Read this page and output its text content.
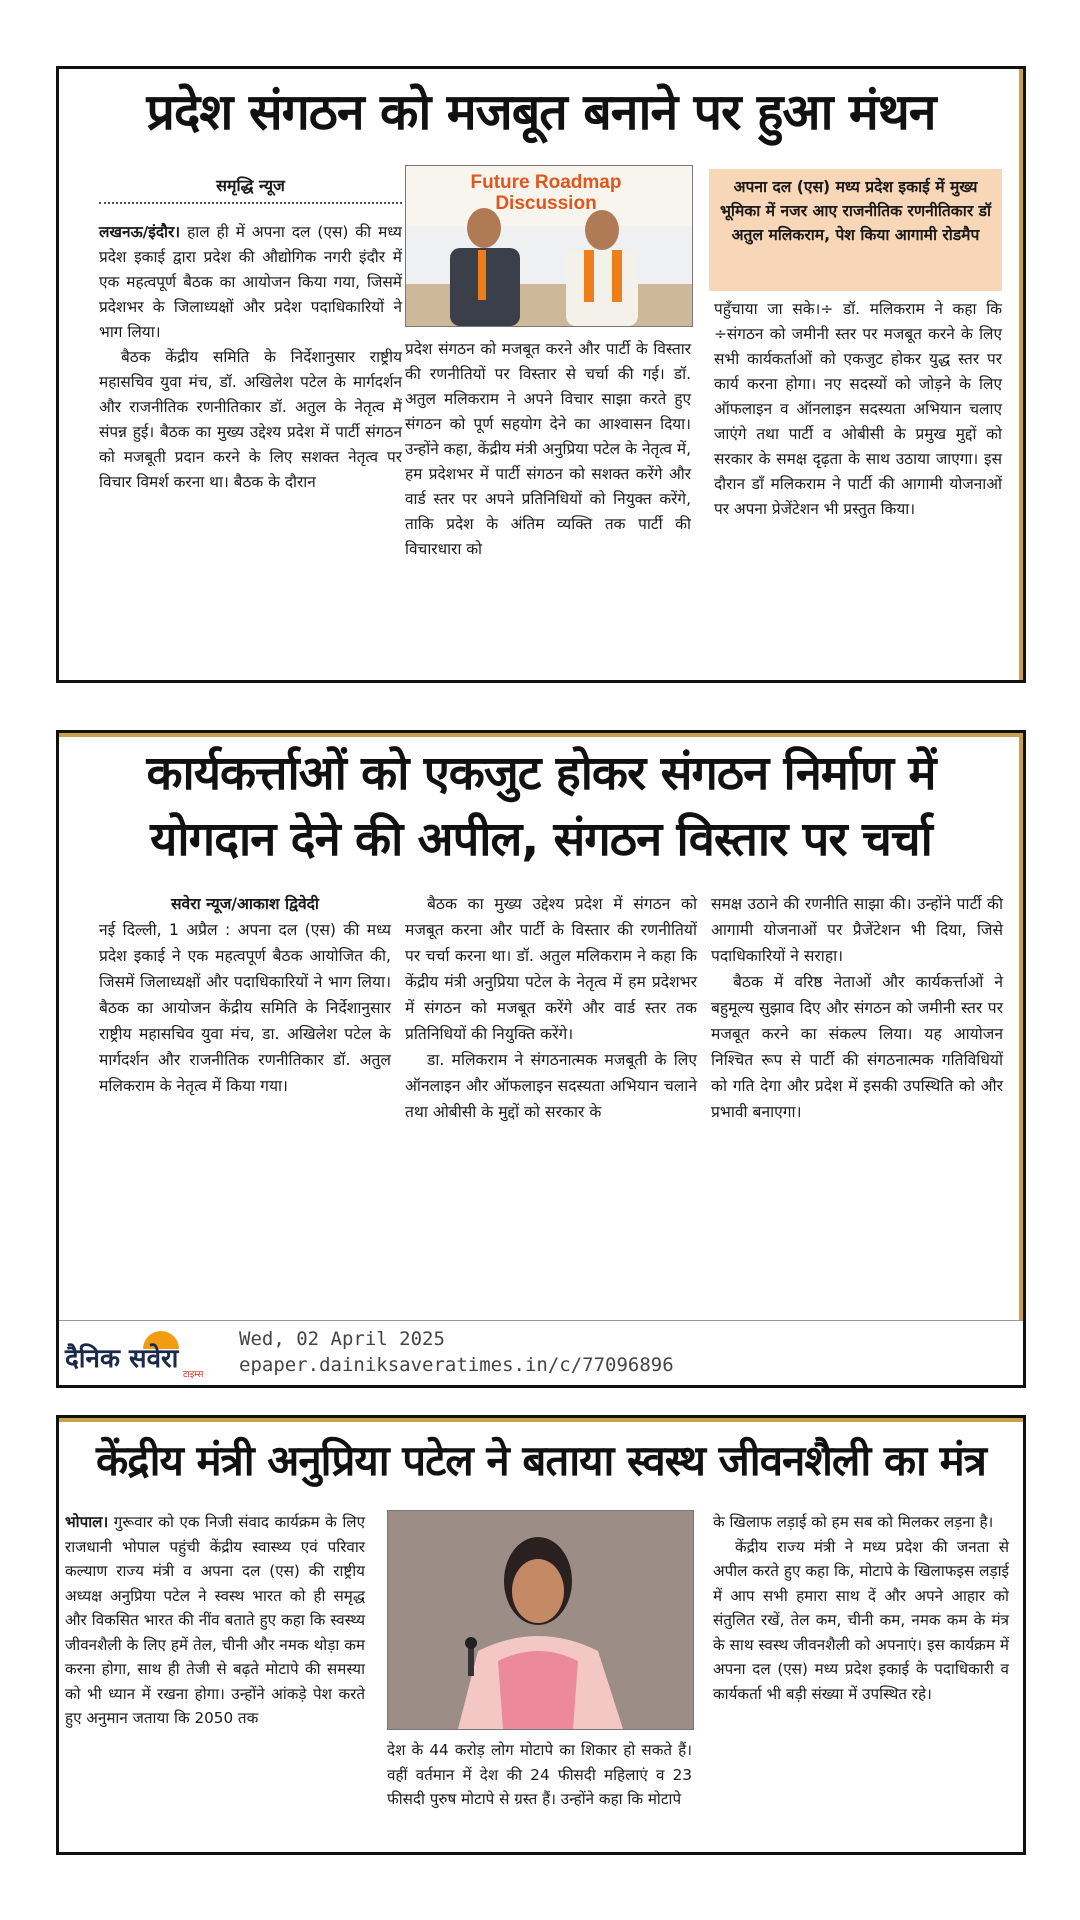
प्रदेश संगठन को मजबूत बनाने पर हुआ मंथन
समृद्धि न्यूज

लखनऊ/इंदौर। हाल ही में अपना दल (एस) की मध्य प्रदेश इकाई द्वारा प्रदेश की औद्योगिक नगरी इंदौर में एक महत्वपूर्ण बैठक का आयोजन किया गया, जिसमें प्रदेशभर के जिलाध्यक्षों और प्रदेश पदाधिकारियों ने भाग लिया।

बैठक केंद्रीय समिति के निर्देशानुसार राष्ट्रीय महासचिव युवा मंच, डॉ. अखिलेश पटेल के मार्गदर्शन और राजनीतिक रणनीतिकार डॉ. अतुल के नेतृत्व में संपन्न हुई। बैठक का मुख्य उद्देश्य प्रदेश में पार्टी संगठन को मजबूती प्रदान करने के लिए सशक्त नेतृत्व पर विचार विमर्श करना था। बैठक के दौरान

Future Roadmap Discussion
प्रदेश संगठन को मजबूत करने और पार्टी के विस्तार की रणनीतियों पर विस्तार से चर्चा की गई। डॉ. अतुल मलिकराम ने अपने विचार साझा करते हुए संगठन को पूर्ण सहयोग देने का आश्वासन दिया। उन्होंने कहा, केंद्रीय मंत्री अनुप्रिया पटेल के नेतृत्व में, हम प्रदेशभर में पार्टी संगठन को सशक्त करेंगे और वार्ड स्तर पर अपने प्रतिनिधियों को नियुक्त करेंगे, ताकि प्रदेश के अंतिम व्यक्ति तक पार्टी की विचारधारा को
अपना दल (एस) मध्य प्रदेश इकाई में मुख्य भूमिका में नजर आए राजनीतिक रणनीतिकार डॉ अतुल मलिकराम, पेश किया आगामी रोडमैप
पहुँचाया जा सके।÷ डॉ. मलिकराम ने कहा कि ÷संगठन को जमीनी स्तर पर मजबूत करने के लिए सभी कार्यकर्ताओं को एकजुट होकर युद्ध स्तर पर कार्य करना होगा। नए सदस्यों को जोड़ने के लिए ऑफलाइन व ऑनलाइन सदस्यता अभियान चलाए जाएंगे तथा पार्टी व ओबीसी के प्रमुख मुद्दों को सरकार के समक्ष दृढ़ता के साथ उठाया जाएगा। इस दौरान डॉं मलिकराम ने पार्टी की आगामी योजनाओं पर अपना प्रेजेंटेशन भी प्रस्तुत किया।
कार्यकर्त्ताओं को एकजुट होकर संगठन निर्माण में
योगदान देने की अपील, संगठन विस्तार पर चर्चा
सवेरा न्यूज/आकाश द्विवेदी

नई दिल्ली, 1 अप्रैल : अपना दल (एस) की मध्य प्रदेश इकाई ने एक महत्वपूर्ण बैठक आयोजित की, जिसमें जिलाध्यक्षों और पदाधिकारियों ने भाग लिया। बैठक का आयोजन केंद्रीय समिति के निर्देशानुसार राष्ट्रीय महासचिव युवा मंच, डा. अखिलेश पटेल के मार्गदर्शन और राजनीतिक रणनीतिकार डॉ. अतुल मलिकराम के नेतृत्व में किया गया।

बैठक का मुख्य उद्देश्य प्रदेश में संगठन को मजबूत करना और पार्टी के विस्तार की रणनीतियों पर चर्चा करना था। डॉ. अतुल मलिकराम ने कहा कि केंद्रीय मंत्री अनुप्रिया पटेल के नेतृत्व में हम प्रदेशभर में संगठन को मजबूत करेंगे और वार्ड स्तर तक प्रतिनिधियों की नियुक्ति करेंगे।

डा. मलिकराम ने संगठनात्मक मजबूती के लिए ऑनलाइन और ऑफलाइन सदस्यता अभियान चलाने तथा ओबीसी के मुद्दों को सरकार के

समक्ष उठाने की रणनीति साझा की। उन्होंने पार्टी की आगामी योजनाओं पर प्रैजेंटेशन भी दिया, जिसे पदाधिकारियों ने सराहा।

बैठक में वरिष्ठ नेताओं और कार्यकर्त्ताओं ने बहुमूल्य सुझाव दिए और संगठन को जमीनी स्तर पर मजबूत करने का संकल्प लिया। यह आयोजन निश्चित रूप से पार्टी की संगठनात्मक गतिविधियों को गति देगा और प्रदेश में इसकी उपस्थिति को और प्रभावी बनाएगा।

दैनिक सवेरा
टाइम्स
Wed, 02 April 2025
epaper.dainiksaveratimes.in/c/77096896
केंद्रीय मंत्री अनुप्रिया पटेल ने बताया स्वस्थ जीवनशैली का मंत्र

भोपाल। गुरूवार को एक निजी संवाद कार्यक्रम के लिए राजधानी भोपाल पहुंची केंद्रीय स्वास्थ्य एवं परिवार कल्याण राज्य मंत्री व अपना दल (एस) की राष्ट्रीय अध्यक्ष अनुप्रिया पटेल ने स्वस्थ भारत को ही समृद्ध और विकसित भारत की नींव बताते हुए कहा कि स्वस्थ्य जीवनशैली के लिए हमें तेल, चीनी और नमक थोड़ा कम करना होगा, साथ ही तेजी से बढ़ते मोटापे की समस्या को भी ध्यान में रखना होगा। उन्होंने आंकड़े पेश करते हुए अनुमान जताया कि 2050 तक

देश के 44 करोड़ लोग मोटापे का शिकार हो सकते हैं। वहीं वर्तमान में देश की 24 फीसदी महिलाएं व 23 फीसदी पुरुष मोटापे से ग्रस्त हैं। उन्होंने कहा कि मोटापे

के खिलाफ लड़ाई को हम सब को मिलकर लड़ना है।

केंद्रीय राज्य मंत्री ने मध्य प्रदेश की जनता से अपील करते हुए कहा कि, मोटापे के खिलाफइस लड़ाई में आप सभी हमारा साथ दें और अपने आहार को संतुलित रखें, तेल कम, चीनी कम, नमक कम के मंत्र के साथ स्वस्थ जीवनशैली को अपनाएं। इस कार्यक्रम में अपना दल (एस) मध्य प्रदेश इकाई के पदाधिकारी व कार्यकर्ता भी बड़ी संख्या में उपस्थित रहे।
